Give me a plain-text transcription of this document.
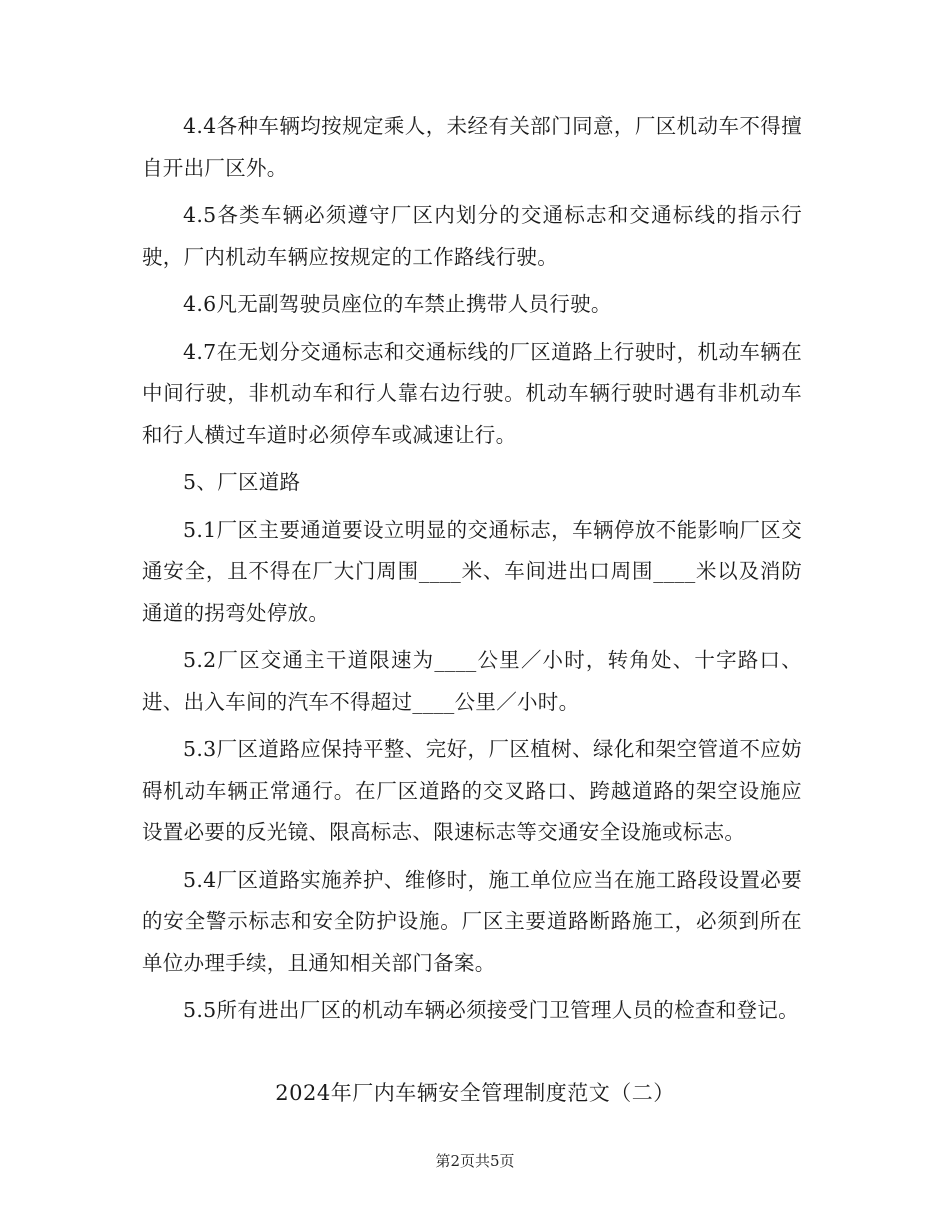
4.4各种车辆均按规定乘人，未经有关部门同意，厂区机动车不得擅自开出厂区外。

4.5各类车辆必须遵守厂区内划分的交通标志和交通标线的指示行驶，厂内机动车辆应按规定的工作路线行驶。

4.6凡无副驾驶员座位的车禁止携带人员行驶。

4.7在无划分交通标志和交通标线的厂区道路上行驶时，机动车辆在中间行驶，非机动车和行人靠右边行驶。机动车辆行驶时遇有非机动车和行人横过车道时必须停车或减速让行。

5、厂区道路

5.1厂区主要通道要设立明显的交通标志，车辆停放不能影响厂区交通安全，且不得在厂大门周围____米、车间进出口周围____米以及消防通道的拐弯处停放。

5.2厂区交通主干道限速为____公里／小时，转角处、十字路口、进、出入车间的汽车不得超过____公里／小时。

5.3厂区道路应保持平整、完好，厂区植树、绿化和架空管道不应妨碍机动车辆正常通行。在厂区道路的交叉路口、跨越道路的架空设施应设置必要的反光镜、限高标志、限速标志等交通安全设施或标志。

5.4厂区道路实施养护、维修时，施工单位应当在施工路段设置必要的安全警示标志和安全防护设施。厂区主要道路断路施工，必须到所在单位办理手续，且通知相关部门备案。

5.5所有进出厂区的机动车辆必须接受门卫管理人员的检查和登记。

2024年厂内车辆安全管理制度范文（二）
第2页共5页
